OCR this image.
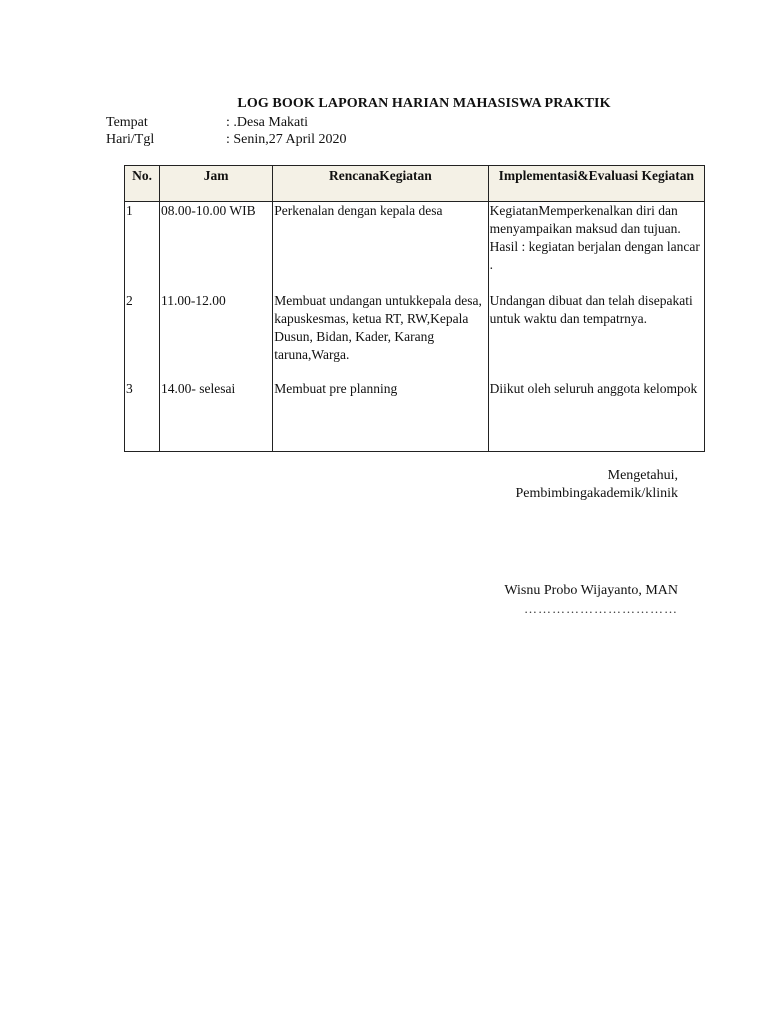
LOG BOOK LAPORAN HARIAN MAHASISWA PRAKTIK
Tempat	: .Desa Makati
Hari/Tgl	: Senin,27 April 2020
No.	Jam	RencanaKegiatan	Implementasi&Evaluasi Kegiatan
1	08.00-10.00 WIB	Perkenalan dengan kepala desa	KegiatanMemperkenalkan diri dan menyampaikan maksud dan tujuan.
Hasil : kegiatan berjalan dengan lancar
.
2	11.00-12.00	Membuat undangan untukkepala desa, kapuskesmas, ketua RT, RW,Kepala Dusun, Bidan, Kader, Karang taruna,Warga.	Undangan dibuat dan telah disepakati untuk waktu dan tempatrnya.
3	14.00- selesai	Membuat pre planning	Diikut oleh seluruh anggota kelompok
Mengetahui,
Pembimbingakademik/klinik
Wisnu Probo Wijayanto, MAN
……………………………
